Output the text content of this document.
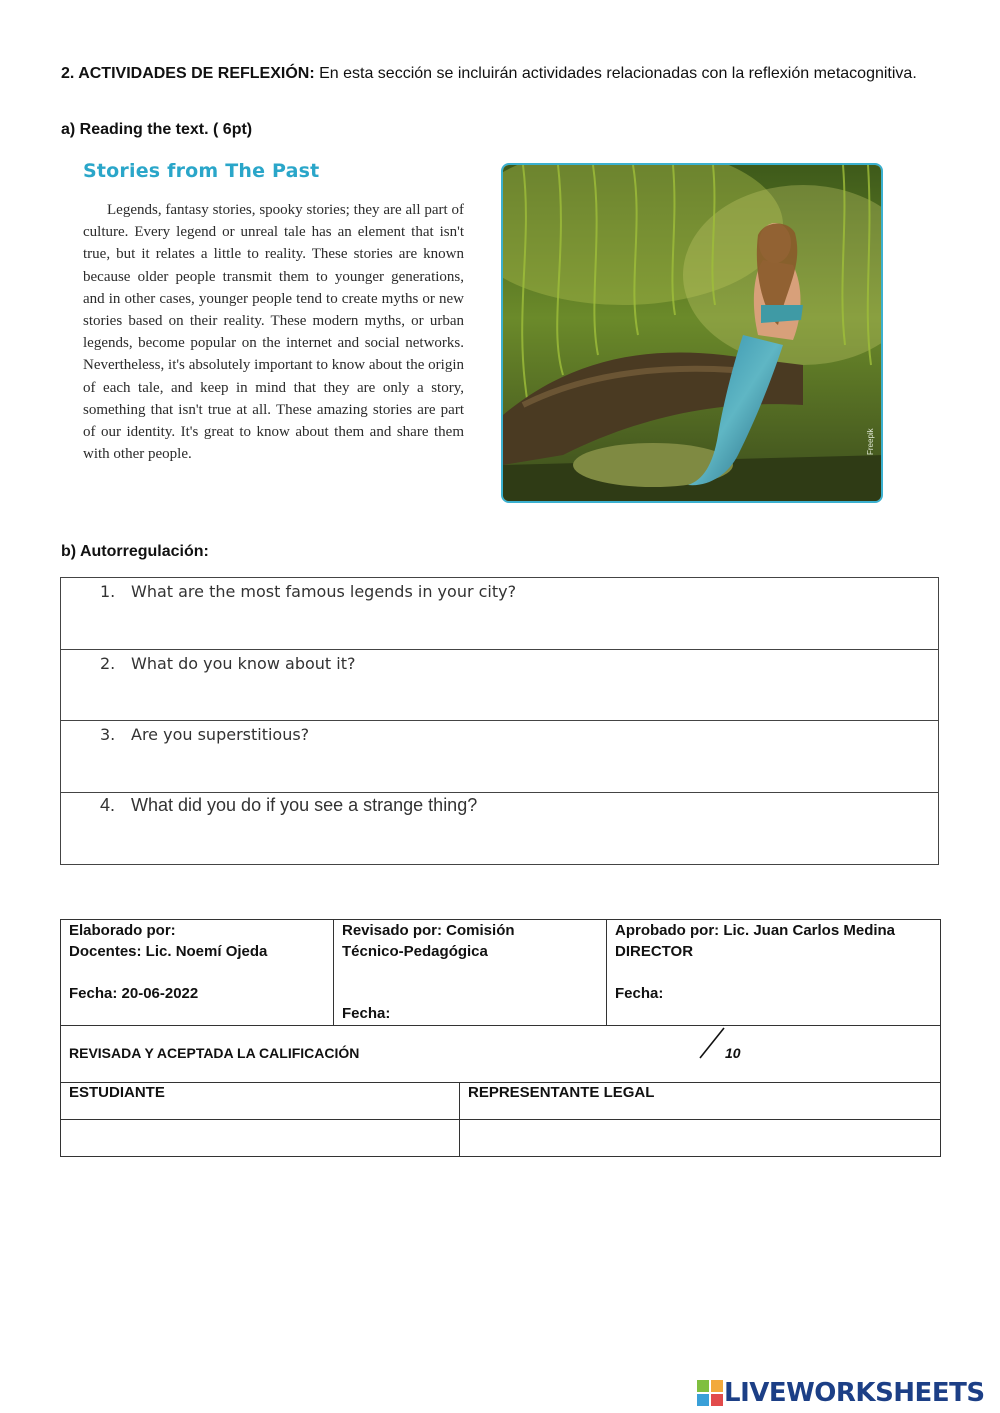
2. ACTIVIDADES DE REFLEXIÓN: En esta sección se incluirán actividades relacionadas con la reflexión metacognitiva.
a) Reading the text. ( 6pt)
Stories from The Past

Legends, fantasy stories, spooky stories; they are all part of culture. Every legend or unreal tale has an element that isn't true, but it relates a little to reality. These stories are known because older people transmit them to younger generations, and in other cases, younger people tend to create myths or new stories based on their reality. These modern myths, or urban legends, become popular on the internet and social networks. Nevertheless, it's absolutely important to know about the origin of each tale, and keep in mind that they are only a story, something that isn't true at all. These amazing stories are part of our identity. It's great to know about them and share them with other people.	Freepik
b) Autorregulación:
1. What are the most famous legends in your city?
2. What do you know about it?
3. Are you superstitious?
4. What did you do if you see a strange thing?
Elaborado por:
Docentes: Lic. Noemí Ojeda
Fecha: 20-06-2022

Revisado por: Comisión
Técnico-Pedagógica
Fecha:

Aprobado por: Lic. Juan Carlos Medina
DIRECTOR
Fecha:

REVISADA Y ACEPTADA LA CALIFICACIÓN	10

ESTUDIANTE	REPRESENTANTE LEGAL

LIVEWORKSHEETS
